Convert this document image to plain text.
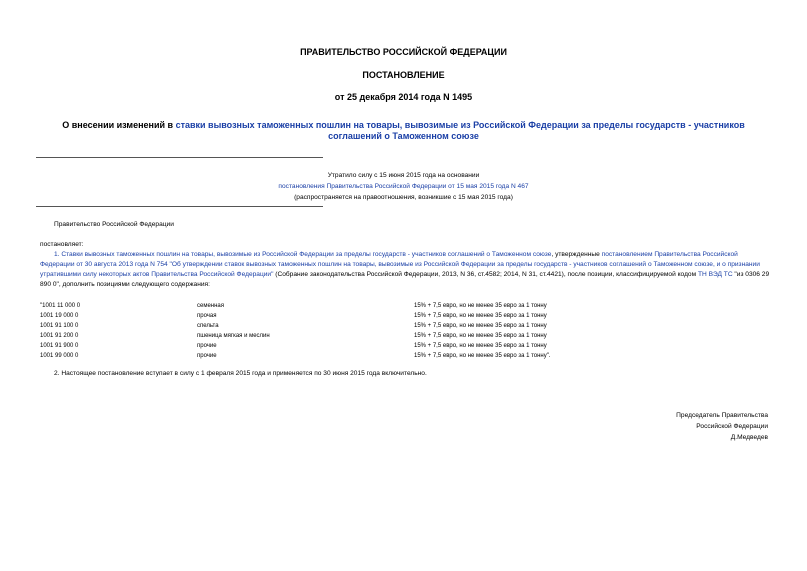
ПРАВИТЕЛЬСТВО РОССИЙСКОЙ ФЕДЕРАЦИИ
ПОСТАНОВЛЕНИЕ
от 25 декабря 2014 года N 1495
О внесении изменений в ставки вывозных таможенных пошлин на товары, вывозимые из Российской Федерации за пределы государств - участников соглашений о Таможенном союзе
Утратило силу с 15 июня 2015 года на основании
постановления Правительства Российской Федерации от 15 мая 2015 года N 467
(распространяется на правоотношения, возникшие с 15 мая 2015 года)
Правительство Российской Федерации
постановляет:
1. Ставки вывозных таможенных пошлин на товары, вывозимые из Российской Федерации за пределы государств - участников соглашений о Таможенном союзе, утвержденные постановлением Правительства Российской Федерации от 30 августа 2013 года N 754 "Об утверждении ставок вывозных таможенных пошлин на товары, вывозимые из Российской Федерации за пределы государств - участников соглашений о Таможенном союзе, и о признании утратившими силу некоторых актов Правительства Российской Федерации" (Собрание законодательства Российской Федерации, 2013, N 36, ст.4582; 2014, N 31, ст.4421), после позиции, классифицируемой кодом ТН ВЭД ТС "из 0306 29 890 0", дополнить позициями следующего содержания:
"1001 11 000 0	семенная	15% + 7,5 евро, но не менее 35 евро за 1 тонну
1001 19 000 0	прочая	15% + 7,5 евро, но не менее 35 евро за 1 тонну
1001 91 100 0	спельта	15% + 7,5 евро, но не менее 35 евро за 1 тонну
1001 91 200 0	пшеница мягкая и меслин	15% + 7,5 евро, но не менее 35 евро за 1 тонну
1001 91 900 0	прочие	15% + 7,5 евро, но не менее 35 евро за 1 тонну
1001 99 000 0	прочие	15% + 7,5 евро, но не менее 35 евро за 1 тонну".
2. Настоящее постановление вступает в силу с 1 февраля 2015 года и применяется по 30 июня 2015 года включительно.
Председатель Правительства
Российской Федерации
Д.Медведев
